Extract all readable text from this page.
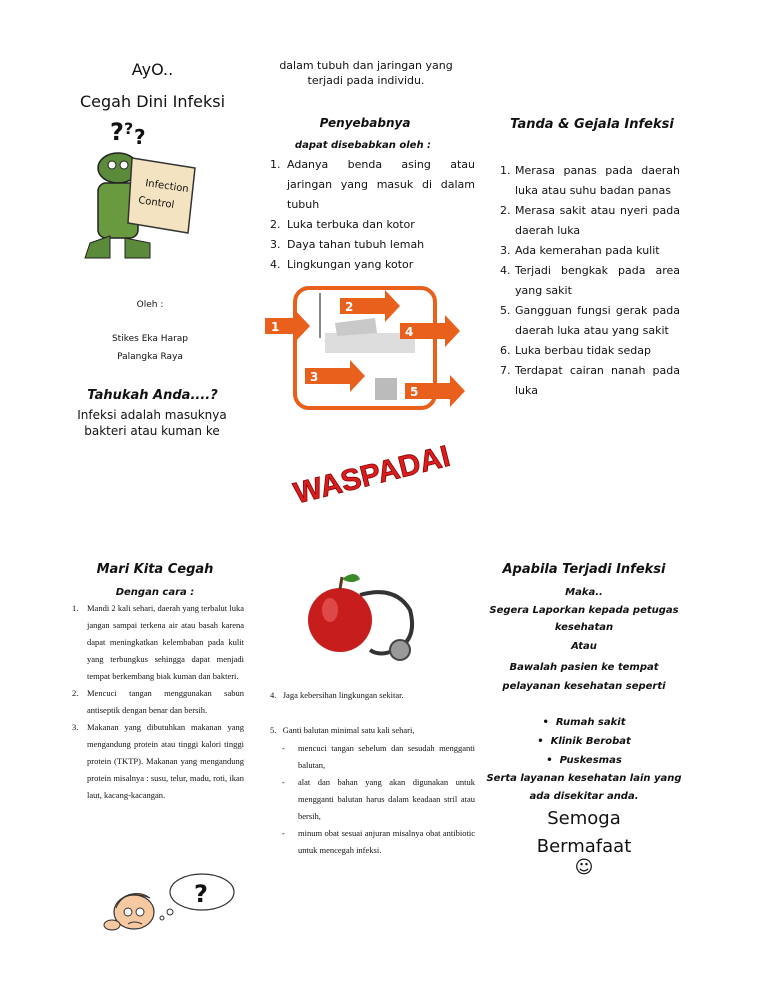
AyO..
Cegah Dini Infeksi
? ? ?
Infection
Control
Oleh :
Stikes Eka Harap
Palangka Raya
Tahukah Anda....?
Infeksi adalah masuknya bakteri atau kuman ke
dalam tubuh dan jaringan yang terjadi pada individu.
Penyebabnya
dapat disebabkan oleh :
1. Adanya benda asing atau jaringan yang masuk di dalam tubuh
2. Luka terbuka dan kotor
3. Daya tahan tubuh lemah
4. Lingkungan yang kotor
1
2
3
4
5
WASPADAI
Tanda & Gejala Infeksi
1. Merasa panas pada daerah luka atau suhu badan panas
2. Merasa sakit atau nyeri pada daerah luka
3. Ada kemerahan pada kulit
4. Terjadi bengkak pada area yang sakit
5. Gangguan fungsi gerak pada daerah luka atau yang sakit
6. Luka berbau tidak sedap
7. Terdapat cairan nanah pada luka
Mari Kita Cegah
Dengan cara :
1. Mandi 2 kali sehari, daerah yang terbalut luka jangan sampai terkena air atau basah karena dapat meningkatkan kelembaban pada kulit yang terbungkus sehingga dapat menjadi tempat berkembang biak kuman dan bakteri.
2. Mencuci tangan menggunakan sabun antiseptik dengan benar dan bersih.
3. Makanan yang dibutuhkan makanan yang mengandung protein atau tinggi kalori tinggi protein (TKTP). Makanan yang mengandung protein misalnya : susu, telur, madu, roti, ikan laut, kacang-kacangan.
?
4.   Jaga kebersihan lingkungan sekitar.
5.   Ganti balutan minimal satu kali sehari,
- mencuci tangan sebelum dan sesudah mengganti balutan,
- alat dan bahan yang akan digunakan untuk mengganti balutan harus dalam keadaan stril atau bersih,
- minum obat sesuai anjuran misalnya obat antibiotic untuk mencegah infeksi.
Apabila Terjadi Infeksi
Maka..
Segera Laporkan kepada petugas kesehatan
Atau
Bawalah pasien ke tempat pelayanan kesehatan seperti
•  Rumah sakit
•  Klinik Berobat
•  Puskesmas
Serta layanan kesehatan lain yang ada disekitar anda.
Semoga
Bermafaat
☺
